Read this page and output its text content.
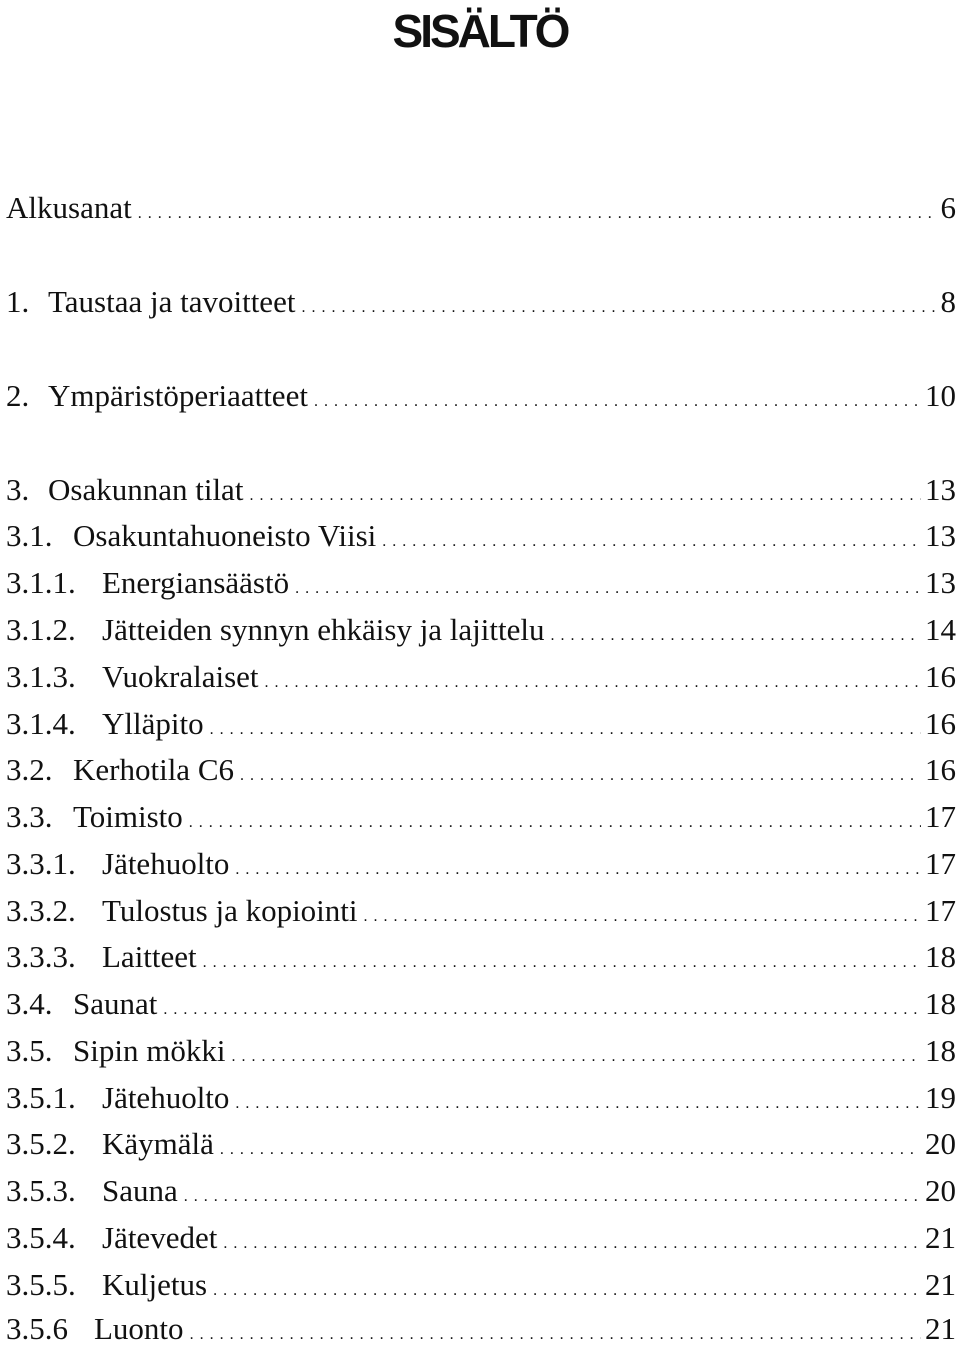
SISÄLTÖ
Alkusanat . . .	6
1. Taustaa ja tavoitteet . . .	8
2. Ympäristöperiaatteet . . .	10
3. Osakunnan tilat . . .	13
3.1. Osakuntahuoneisto Viisi . . .	13
3.1.1. Energiansäästö . . .	13
3.1.2. Jätteiden synnyn ehkäisy ja lajittelu . . .	14
3.1.3. Vuokralaiset . . .	16
3.1.4. Ylläpito . . .	16
3.2. Kerhotila C6 . . .	16
3.3. Toimisto . . .	17
3.3.1. Jätehuolto . . .	17
3.3.2. Tulostus ja kopiointi . . .	17
3.3.3. Laitteet . . .	18
3.4. Saunat . . .	18
3.5. Sipin mökki . . .	18
3.5.1. Jätehuolto . . .	19
3.5.2. Käymälä . . .	20
3.5.3. Sauna . . .	20
3.5.4. Jätevedet . . .	21
3.5.5. Kuljetus . . .	21
3.5.6 Luonto . . .	21
